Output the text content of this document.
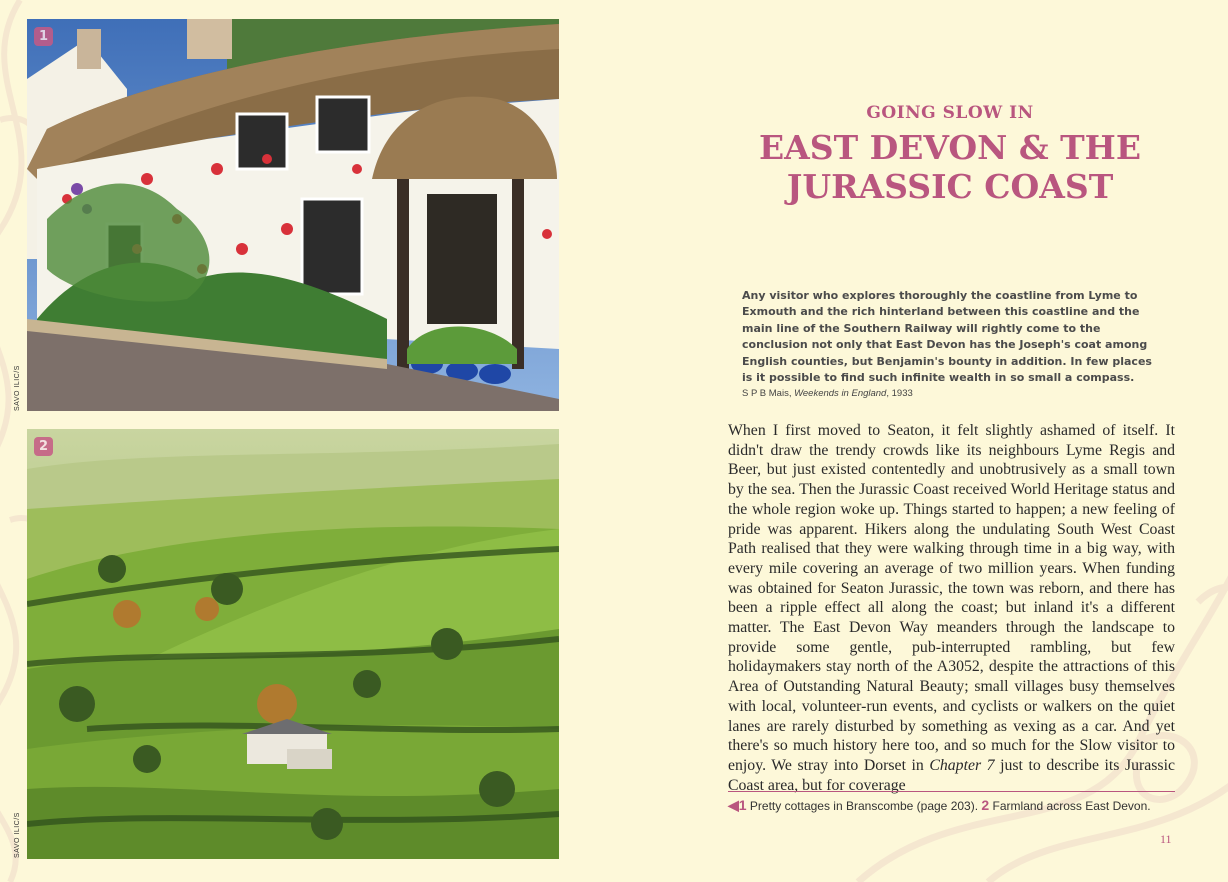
1
SAVO ILIC/S
2
SAVO ILIC/S
GOING SLOW IN
EAST DEVON & THE
JURASSIC COAST
Any visitor who explores thoroughly the coastline from Lyme to Exmouth and the rich hinterland between this coastline and the main line of the Southern Railway will rightly come to the conclusion not only that East Devon has the Joseph's coat among English counties, but Benjamin's bounty in addition. In few places is it possible to find such infinite wealth in so small a compass.
S P B Mais, Weekends in England, 1933
When I first moved to Seaton, it felt slightly ashamed of itself. It didn't draw the trendy crowds like its neighbours Lyme Regis and Beer, but just existed contentedly and unobtrusively as a small town by the sea. Then the Jurassic Coast received World Heritage status and the whole region woke up. Things started to happen; a new feeling of pride was apparent. Hikers along the undulating South West Coast Path realised that they were walking through time in a big way, with every mile covering an average of two million years. When funding was obtained for Seaton Jurassic, the town was reborn, and there has been a ripple effect all along the coast; but inland it's a different matter. The East Devon Way meanders through the landscape to provide some gentle, pub-interrupted rambling, but few holidaymakers stay north of the A3052, despite the attractions of this Area of Outstanding Natural Beauty; small villages busy themselves with local, volunteer-run events, and cyclists or walkers on the quiet lanes are rarely disturbed by something as vexing as a car. And yet there's so much history here too, and so much for the Slow visitor to enjoy. We stray into Dorset in Chapter 7 just to describe its Jurassic Coast area, but for coverage
◀1 Pretty cottages in Branscombe (page 203). 2 Farmland across East Devon.
11
